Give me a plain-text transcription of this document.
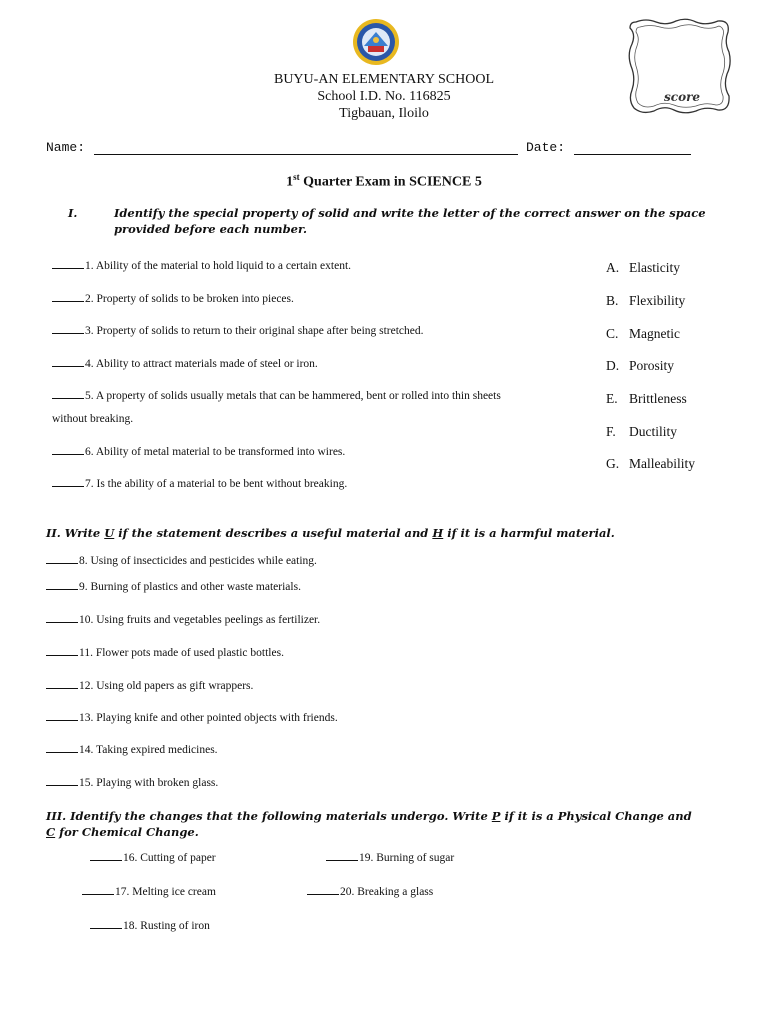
score
BUYU-AN ELEMENTARY SCHOOL
School I.D. No. 116825
Tigbauan, Iloilo
Name:	Date:
1st Quarter Exam in SCIENCE 5
I.	Identify the special property of solid and write the letter of the correct answer on the space provided before each number.
1. Ability of the material to hold liquid to a certain extent.
2. Property of solids to be broken into pieces.
3. Property of solids to return to their original shape after being stretched.
4. Ability to attract materials made of steel or iron.
5. A property of solids usually metals that can be hammered, bent or rolled into thin sheets
without breaking.
6. Ability of metal material to be transformed into wires.
7. Is the ability of a material to be bent without breaking.
A. Elasticity
B. Flexibility
C. Magnetic
D. Porosity
E. Brittleness
F. Ductility
G. Malleability
II. Write U if the statement describes a useful material and H if it is a harmful material.
8. Using of insecticides and pesticides while eating.
9. Burning of plastics and other waste materials.
10. Using fruits and vegetables peelings as fertilizer.
11. Flower pots made of used plastic bottles.
12. Using old papers as gift wrappers.
13. Playing knife and other pointed objects with friends.
14. Taking expired medicines.
15. Playing with broken glass.
III. Identify the changes that the following materials undergo. Write P if it is a Physical Change and
C for Chemical Change.
16. Cutting of paper	19. Burning of sugar
17. Melting ice cream	20. Breaking a glass
18. Rusting of iron
